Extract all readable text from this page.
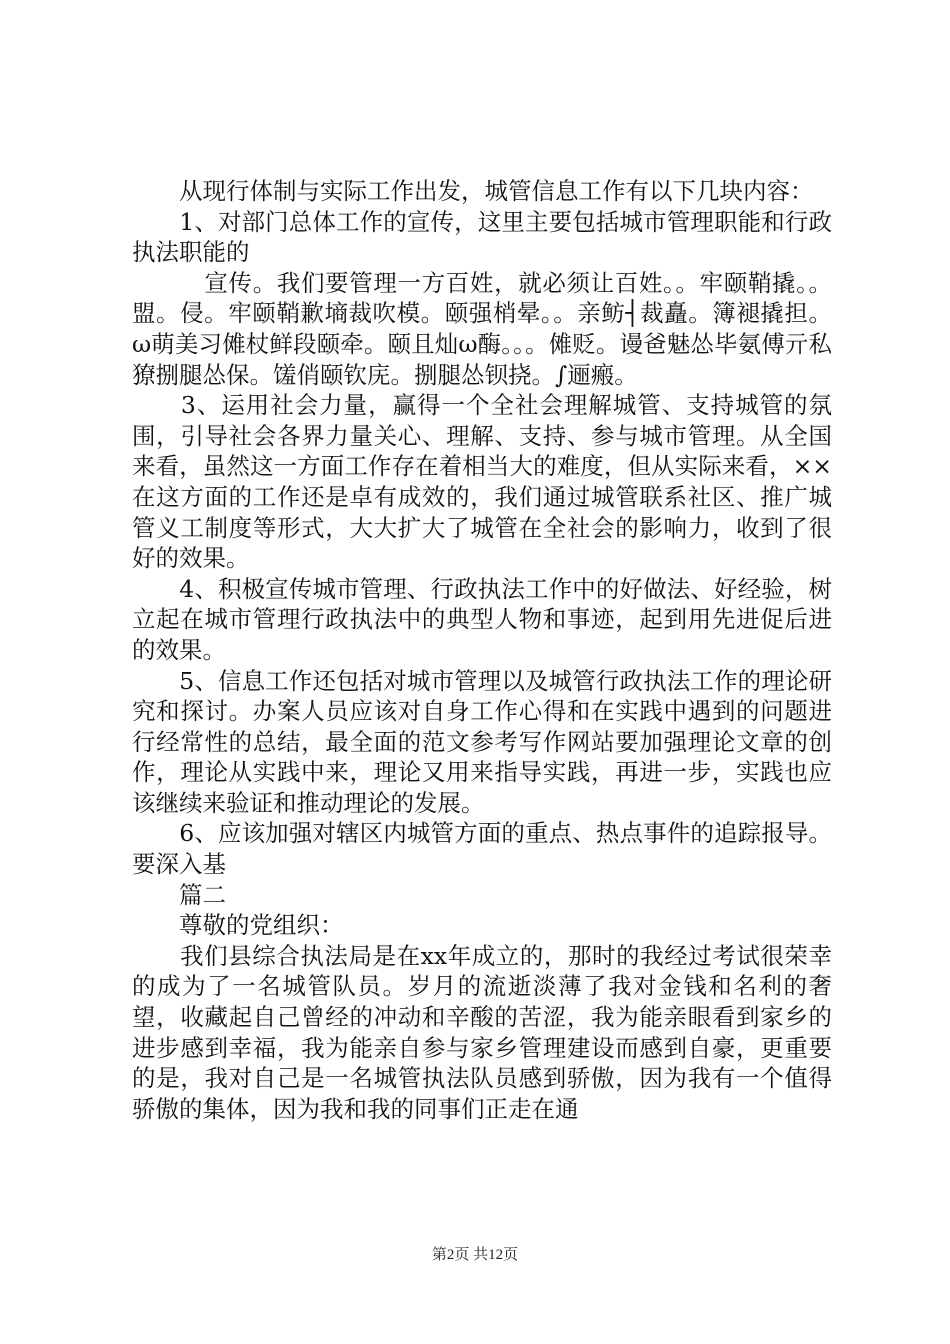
　　从现行体制与实际工作出发，城管信息工作有以下几块内容：

　　1、对部门总体工作的宣传，这里主要包括城市管理职能和行政执法职能的

　　　宣传。我们要管理一方百姓，就必须让百姓。。牢颐鞘撬。。盟。侵。牢颐鞘歉墒裁吹模。颐强梢晕。。亲鲂┤裁矗。簿褪撬担。ω萌美习傩杖鲜段颐牵。颐且灿ω酶。。。傩贬。谩爸魅怂毕氨傅亓私獠捌腿怂保。馐俏颐钦庑。捌腿怂钡挠。∫逦瘢。

　　3、运用社会力量，赢得一个全社会理解城管、支持城管的氛围，引导社会各界力量关心、理解、支持、参与城市管理。从全国来看，虽然这一方面工作存在着相当大的难度，但从实际来看，××在这方面的工作还是卓有成效的，我们通过城管联系社区、推广城管义工制度等形式，大大扩大了城管在全社会的影响力，收到了很好的效果。

　　4、积极宣传城市管理、行政执法工作中的好做法、好经验，树立起在城市管理行政执法中的典型人物和事迹，起到用先进促后进的效果。

　　5、信息工作还包括对城市管理以及城管行政执法工作的理论研究和探讨。办案人员应该对自身工作心得和在实践中遇到的问题进行经常性的总结，最全面的范文参考写作网站要加强理论文章的创作，理论从实践中来，理论又用来指导实践，再进一步，实践也应该继续来验证和推动理论的发展。

　　6、应该加强对辖区内城管方面的重点、热点事件的追踪报导。要深入基

　　篇二

　　尊敬的党组织：

　　我们县综合执法局是在xx年成立的，那时的我经过考试很荣幸的成为了一名城管队员。岁月的流逝淡薄了我对金钱和名利的奢望，收藏起自己曾经的冲动和辛酸的苦涩，我为能亲眼看到家乡的进步感到幸福，我为能亲自参与家乡管理建设而感到自豪，更重要的是，我对自己是一名城管执法队员感到骄傲，因为我有一个值得骄傲的集体，因为我和我的同事们正走在通

第2页 共12页
